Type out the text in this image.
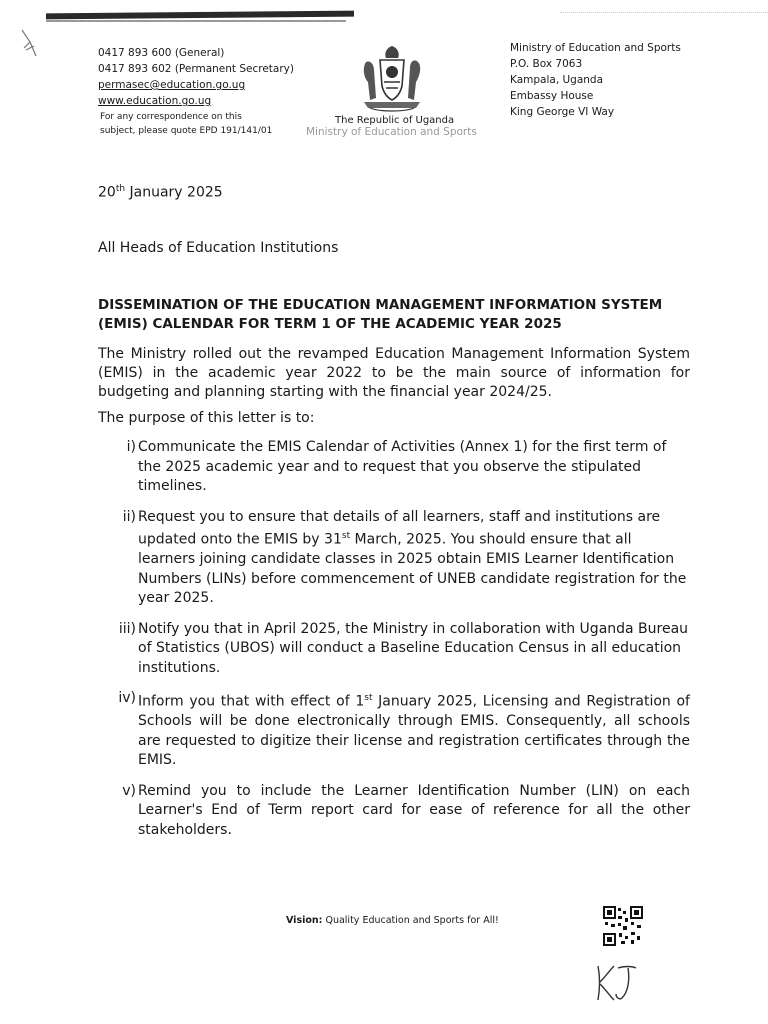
0417 893 600 (General)
0417 893 602 (Permanent Secretary)
permasec@education.go.ug
www.education.go.ug
For any correspondence on this
subject, please quote EPD 191/141/01
The Republic of Uganda
Ministry of Education and Sports
Ministry of Education and Sports
P.O. Box 7063
Kampala, Uganda
Embassy House
King George VI Way
20th January 2025
All Heads of Education Institutions
DISSEMINATION OF THE EDUCATION MANAGEMENT INFORMATION SYSTEM
(EMIS) CALENDAR FOR TERM 1 OF THE ACADEMIC YEAR 2025
The Ministry rolled out the revamped Education Management Information System (EMIS) in the academic year 2022 to be the main source of information for budgeting and planning starting with the financial year 2024/25.
The purpose of this letter is to:
i) Communicate the EMIS Calendar of Activities (Annex 1) for the first term of the 2025 academic year and to request that you observe the stipulated timelines.
ii) Request you to ensure that details of all learners, staff and institutions are updated onto the EMIS by 31st March, 2025. You should ensure that all learners joining candidate classes in 2025 obtain EMIS Learner Identification Numbers (LINs) before commencement of UNEB candidate registration for the year 2025.
iii) Notify you that in April 2025, the Ministry in collaboration with Uganda Bureau of Statistics (UBOS) will conduct a Baseline Education Census in all education institutions.
iv) Inform you that with effect of 1st January 2025, Licensing and Registration of Schools will be done electronically through EMIS. Consequently, all schools are requested to digitize their license and registration certificates through the EMIS.
v) Remind you to include the Learner Identification Number (LIN) on each Learner's End of Term report card for ease of reference for all the other stakeholders.
Vision: Quality Education and Sports for All!
